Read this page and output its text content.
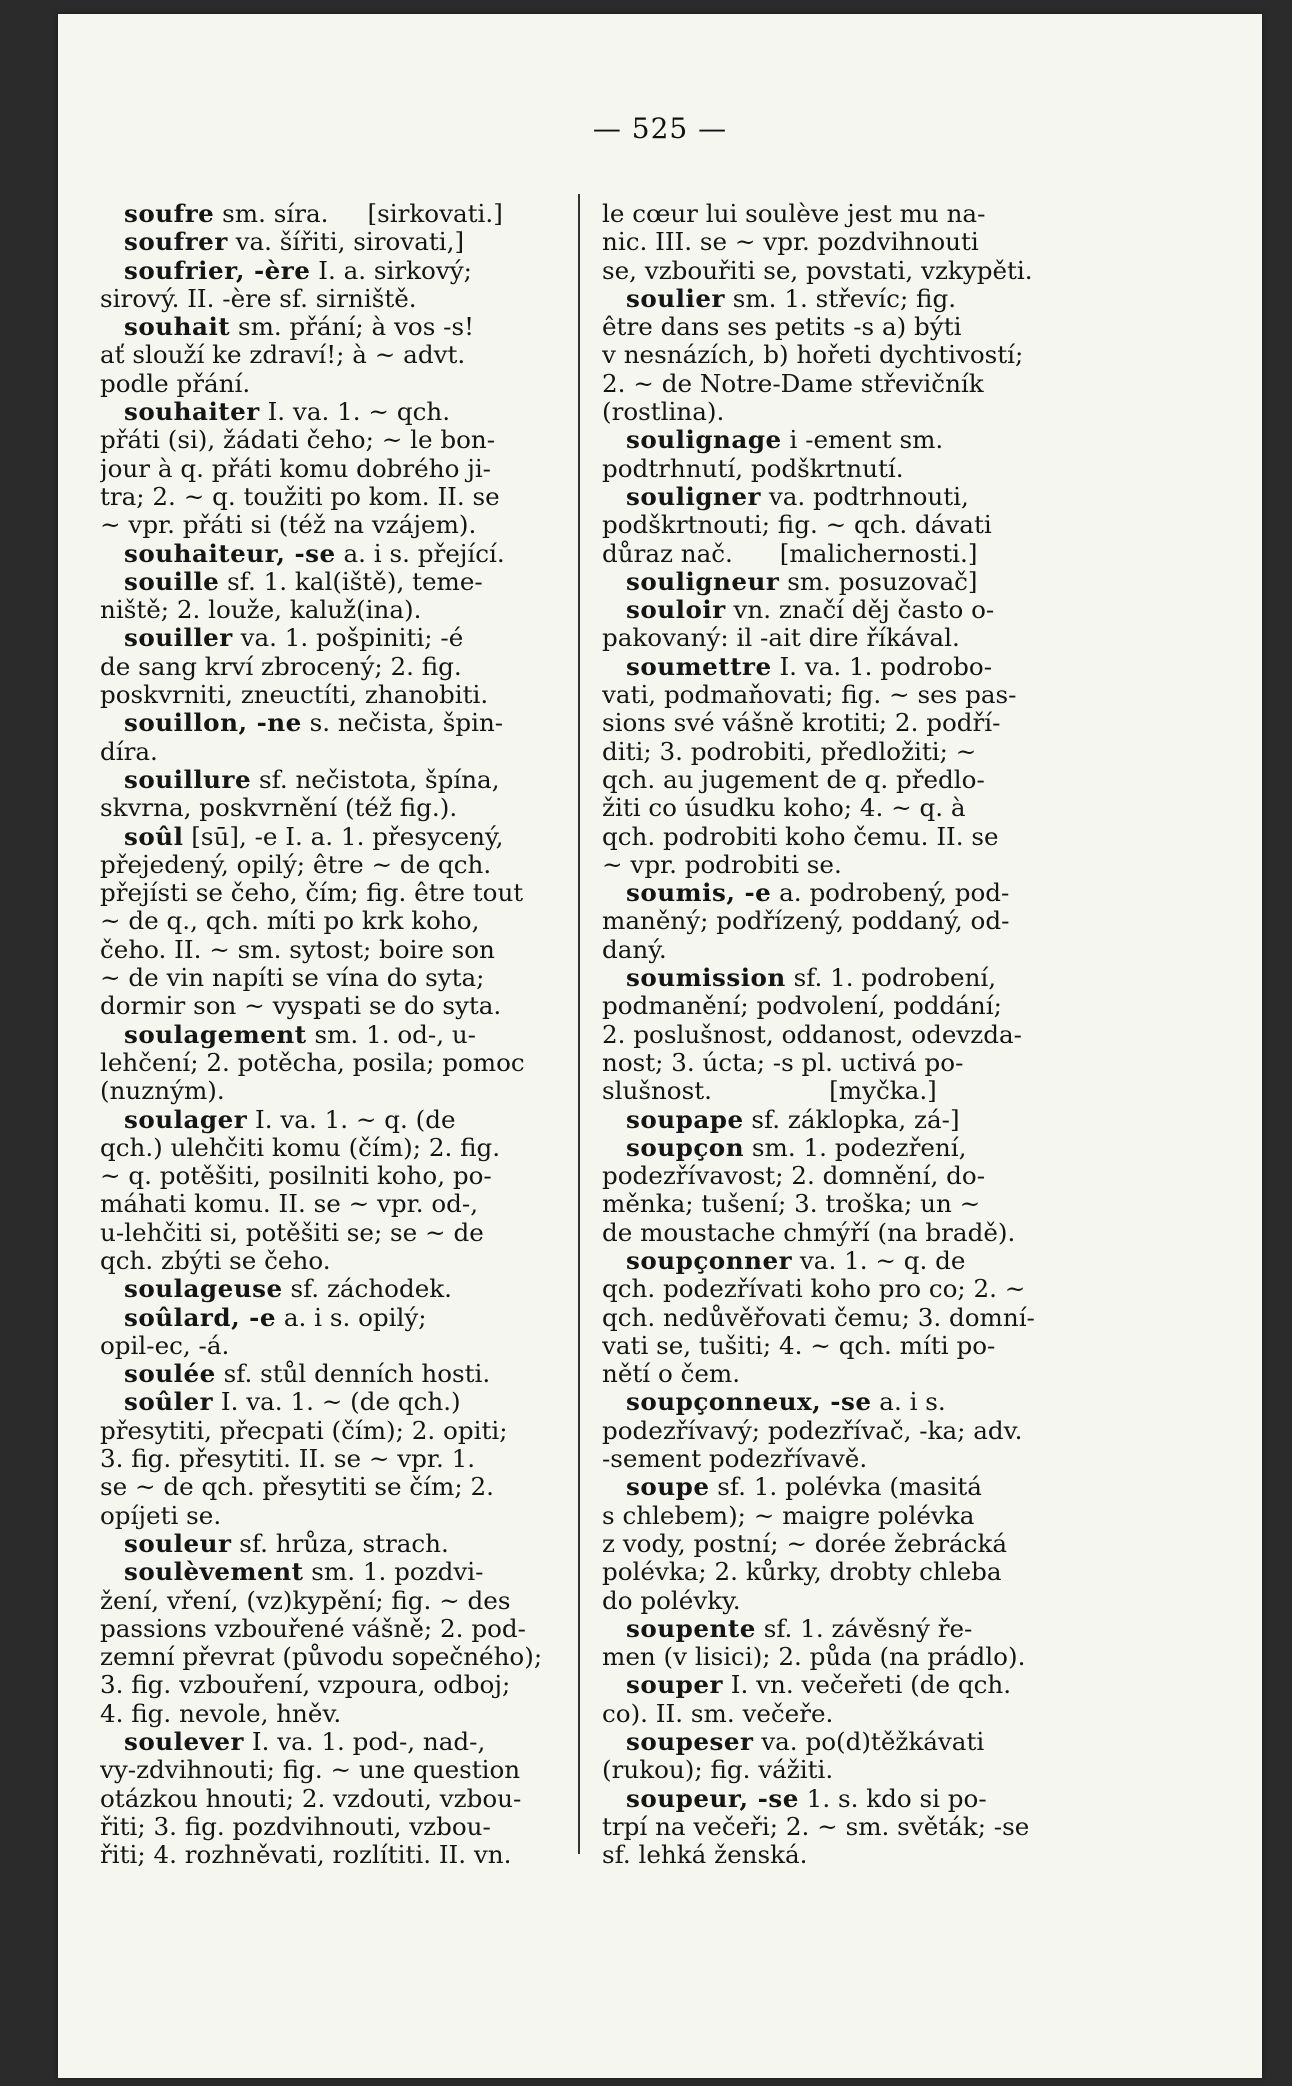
— 525 —
soufre sm. síra.     [sirkovati.]
soufrer va. šířiti, sirovati,]
soufrier, -ère I. a. sirkový;
sirový. II. -ère sf. sirniště.
souhait sm. přání; à vos -s!
ať slouží ke zdraví!; à ~ advt.
podle přání.
souhaiter I. va. 1. ~ qch.
přáti (si), žádati čeho; ~ le bon-
jour à q. přáti komu dobrého ji-
tra; 2. ~ q. toužiti po kom. II. se
~ vpr. přáti si (též na vzájem).
souhaiteur, -se a. i s. přející.
souille sf. 1. kal(iště), teme-
niště; 2. louže, kaluž(ina).
souiller va. 1. pošpiniti; -é
de sang krví zbrocený; 2. fig.
poskvrniti, zneuctíti, zhanobiti.
souillon, -ne s. nečista, špin-
díra.
souillure sf. nečistota, špína,
skvrna, poskvrnění (též fig.).
soûl [sū], -e I. a. 1. přesycený,
přejedený, opilý; être ~ de qch.
přejísti se čeho, čím; fig. être tout
~ de q., qch. míti po krk koho,
čeho. II. ~ sm. sytost; boire son
~ de vin napíti se vína do syta;
dormir son ~ vyspati se do syta.
soulagement sm. 1. od-, u-
lehčení; 2. potěcha, posila; pomoc
(nuzným).
soulager I. va. 1. ~ q. (de
qch.) ulehčiti komu (čím); 2. fig.
~ q. potěšiti, posilniti koho, po-
máhati komu. II. se ~ vpr. od-,
u-lehčiti si, potěšiti se; se ~ de
qch. zbýti se čeho.
soulageuse sf. záchodek.
soûlard, -e a. i s. opilý;
opil-ec, -á.
soulée sf. stůl denních hosti.
soûler I. va. 1. ~ (de qch.)
přesytiti, přecpati (čím); 2. opiti;
3. fig. přesytiti. II. se ~ vpr. 1.
se ~ de qch. přesytiti se čím; 2.
opíjeti se.
souleur sf. hrůza, strach.
soulèvement sm. 1. pozdvi-
žení, vření, (vz)kypění; fig. ~ des
passions vzbouřené vášně; 2. pod-
zemní převrat (původu sopečného);
3. fig. vzbouření, vzpoura, odboj;
4. fig. nevole, hněv.
soulever I. va. 1. pod-, nad-,
vy-zdvihnouti; fig. ~ une question
otázkou hnouti; 2. vzdouti, vzbou-
řiti; 3. fig. pozdvihnouti, vzbou-
řiti; 4. rozhněvati, rozlítiti. II. vn.
le cœur lui soulève jest mu na-
nic. III. se ~ vpr. pozdvihnouti
se, vzbouřiti se, povstati, vzkypěti.
soulier sm. 1. střevíc; fig.
être dans ses petits -s a) býti
v nesnázích, b) hořeti dychtivostí;
2. ~ de Notre-Dame střevičník
(rostlina).
soulignage i -ement sm.
podtrhnutí, podškrtnutí.
souligner va. podtrhnouti,
podškrtnouti; fig. ~ qch. dávati
důraz nač.      [malichernosti.]
souligneur sm. posuzovač]
souloir vn. značí děj často o-
pakovaný: il -ait dire říkával.
soumettre I. va. 1. podrobo-
vati, podmaňovati; fig. ~ ses pas-
sions své vášně krotiti; 2. podří-
diti; 3. podrobiti, předložiti; ~
qch. au jugement de q. předlo-
žiti co úsudku koho; 4. ~ q. à
qch. podrobiti koho čemu. II. se
~ vpr. podrobiti se.
soumis, -e a. podrobený, pod-
maněný; podřízený, poddaný, od-
daný.
soumission sf. 1. podrobení,
podmanění; podvolení, poddání;
2. poslušnost, oddanost, odevzda-
nost; 3. úcta; -s pl. uctivá po-
slušnost.               [myčka.]
soupape sf. záklopka, zá-]
soupçon sm. 1. podezření,
podezřívavost; 2. domnění, do-
měnka; tušení; 3. troška; un ~
de moustache chmýří (na bradě).
soupçonner va. 1. ~ q. de
qch. podezřívati koho pro co; 2. ~
qch. nedůvěřovati čemu; 3. domní-
vati se, tušiti; 4. ~ qch. míti po-
nětí o čem.
soupçonneux, -se a. i s.
podezřívavý; podezřívač, -ka; adv.
-sement podezřívavě.
soupe sf. 1. polévka (masitá
s chlebem); ~ maigre polévka
z vody, postní; ~ dorée žebrácká
polévka; 2. kůrky, drobty chleba
do polévky.
soupente sf. 1. závěsný ře-
men (v lisici); 2. půda (na prádlo).
souper I. vn. večeřeti (de qch.
co). II. sm. večeře.
soupeser va. po(d)těžkávati
(rukou); fig. vážiti.
soupeur, -se 1. s. kdo si po-
trpí na večeři; 2. ~ sm. světák; -se
sf. lehká ženská.
